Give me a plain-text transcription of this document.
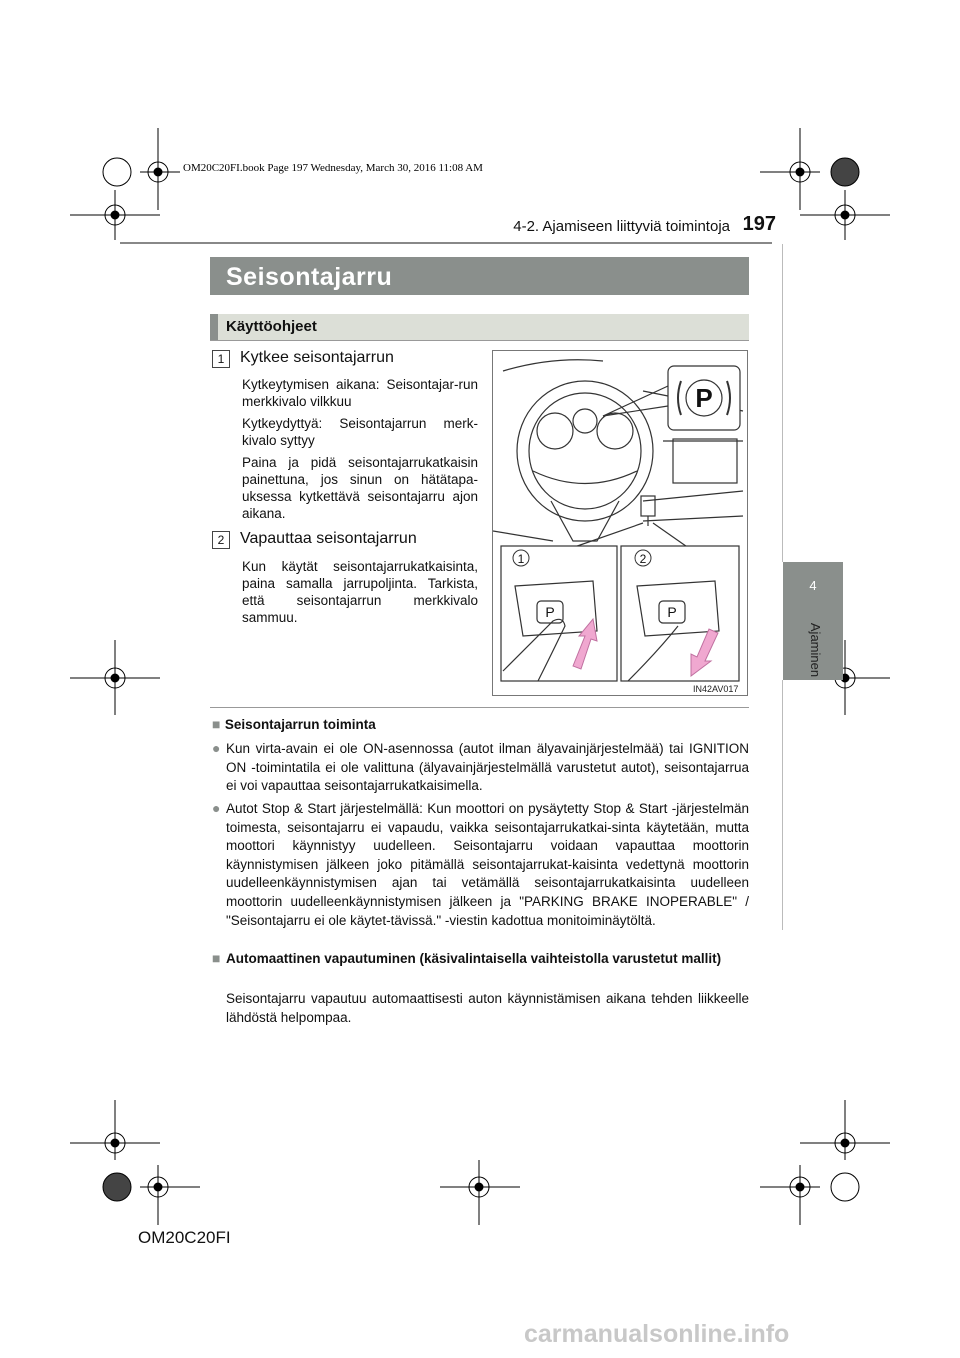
OM20C20FI.book Page 197 Wednesday, March 30, 2016 11:08 AM
4-2. Ajamiseen liittyviä toimintoja 197
4
Ajaminen
Seisontajarru
Käyttöohjeet
1 Kytkee seisontajarrun
Kytkeytymisen aikana: Seisontajar-run merkkivalo vilkkuu
Kytkeydyttyä: Seisontajarrun merk-kivalo syttyy
Paina ja pidä seisontajarrukatkaisin painettuna, jos sinun on hätätapa-uksessa kytkettävä seisontajarru ajon aikana.
2 Vapauttaa seisontajarrun
Kun käytät seisontajarrukatkaisinta, paina samalla jarrupoljinta. Tarkista, että seisontajarrun merkkivalo sammuu.
P
P	P
1	2
IN42AV017
■ Seisontajarrun toiminta
● Kun virta-avain ei ole ON-asennossa (autot ilman älyavainjärjestelmää) tai IGNITION ON -toimintatila ei ole valittuna (älyavainjärjestelmällä varustetut autot), seisontajarrua ei voi vapauttaa seisontajarrukatkaisimella.
● Autot Stop & Start järjestelmällä: Kun moottori on pysäytetty Stop & Start -järjestelmän toimesta, seisontajarru ei vapaudu, vaikka seisontajarrukatkai-sinta käytetään, mutta moottori käynnistyy uudelleen. Seisontajarru voidaan vapauttaa moottorin käynnistymisen jälkeen joko pitämällä seisontajarrukat-kaisinta vedettynä moottorin uudelleenkäynnistymisen ajan tai vetämällä seisontajarrukatkaisinta uudelleen moottorin uudelleenkäynnistymisen jälkeen ja "PARKING BRAKE INOPERABLE" / "Seisontajarru ei ole käytet-tävissä." -viestin kadottua monitoiminäytöltä.
■ Automaattinen vapautuminen (käsivalintaisella vaihteistolla varustetut mallit)
Seisontajarru vapautuu automaattisesti auton käynnistämisen aikana tehden liikkeelle lähdöstä helpompaa.
OM20C20FI
carmanualsonline.info
